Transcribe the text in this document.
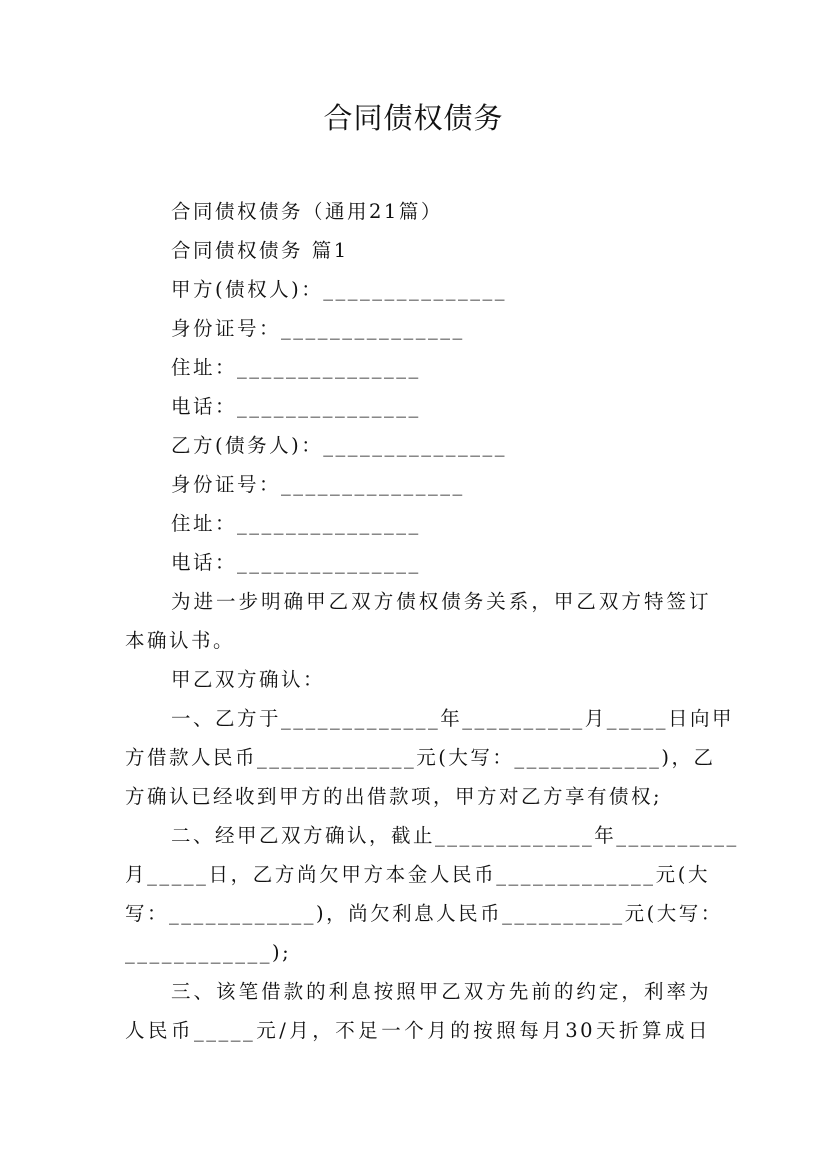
合同债权债务
合同债权债务（通用21篇）
合同债权债务 篇1
甲方(债权人)：_______________
身份证号：_______________
住址：_______________
电话：_______________
乙方(债务人)：_______________
身份证号：_______________
住址：_______________
电话：_______________
为进一步明确甲乙双方债权债务关系，甲乙双方特签订
本确认书。
甲乙双方确认：
一、乙方于_____________年__________月_____日向甲
方借款人民币_____________元(大写：____________)，乙
方确认已经收到甲方的出借款项，甲方对乙方享有债权;
二、经甲乙双方确认，截止_____________年__________
月_____日，乙方尚欠甲方本金人民币_____________元(大
写：____________)，尚欠利息人民币__________元(大写：
____________);
三、该笔借款的利息按照甲乙双方先前的约定，利率为
人民币_____元/月，不足一个月的按照每月30天折算成日
